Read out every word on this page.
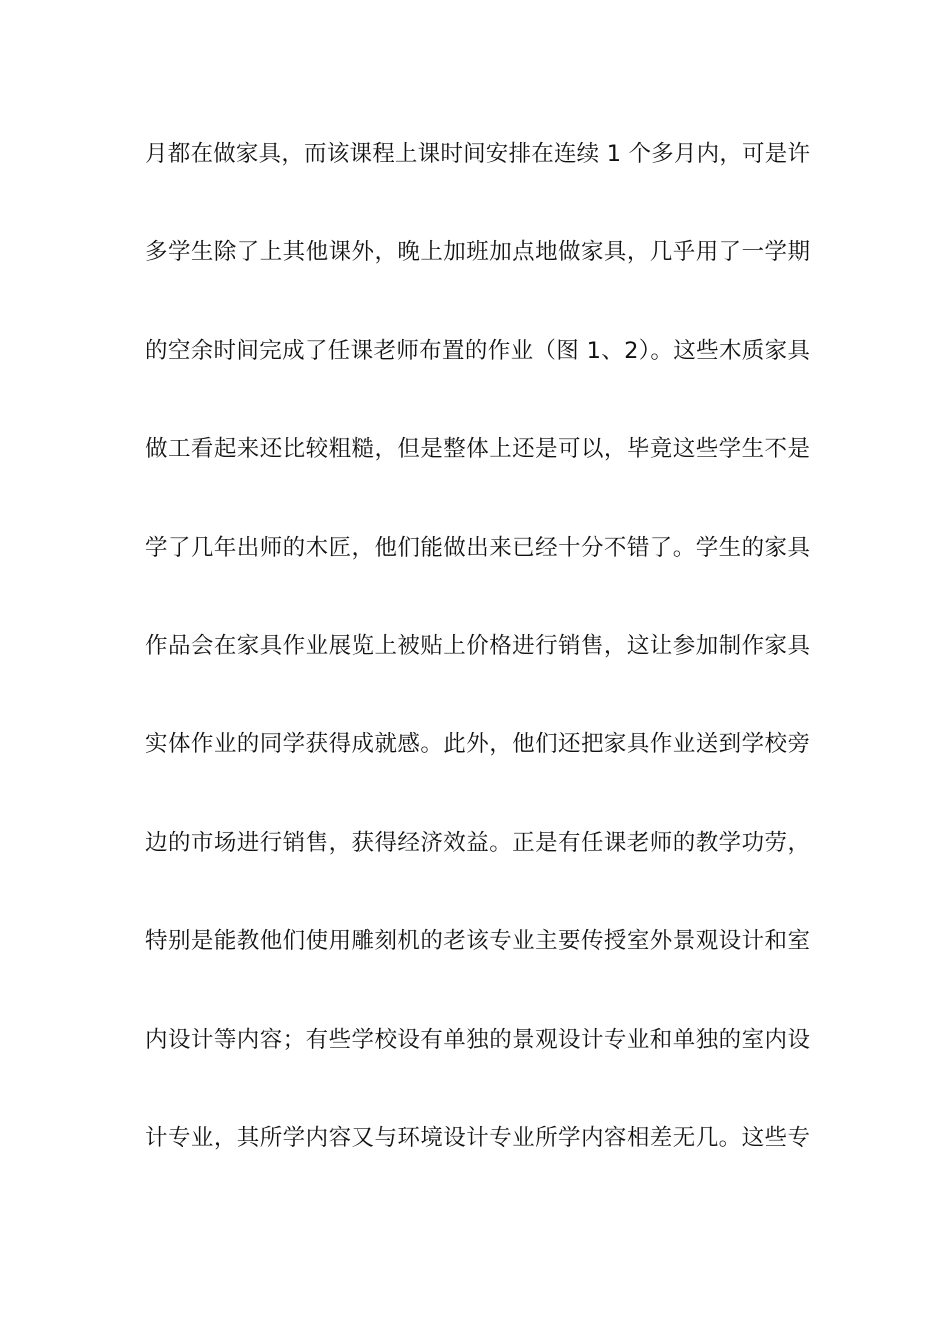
月都在做家具，而该课程上课时间安排在连续 1 个多月内，可是许
多学生除了上其他课外，晚上加班加点地做家具，几乎用了一学期
的空余时间完成了任课老师布置的作业（图 1、2）。这些木质家具
做工看起来还比较粗糙，但是整体上还是可以，毕竟这些学生不是
学了几年出师的木匠，他们能做出来已经十分不错了。学生的家具
作品会在家具作业展览上被贴上价格进行销售，这让参加制作家具
实体作业的同学获得成就感。此外，他们还把家具作业送到学校旁
边的市场进行销售，获得经济效益。正是有任课老师的教学功劳，
特别是能教他们使用雕刻机的老该专业主要传授室外景观设计和室
内设计等内容；有些学校设有单独的景观设计专业和单独的室内设
计专业，其所学内容又与环境设计专业所学内容相差无几。这些专
